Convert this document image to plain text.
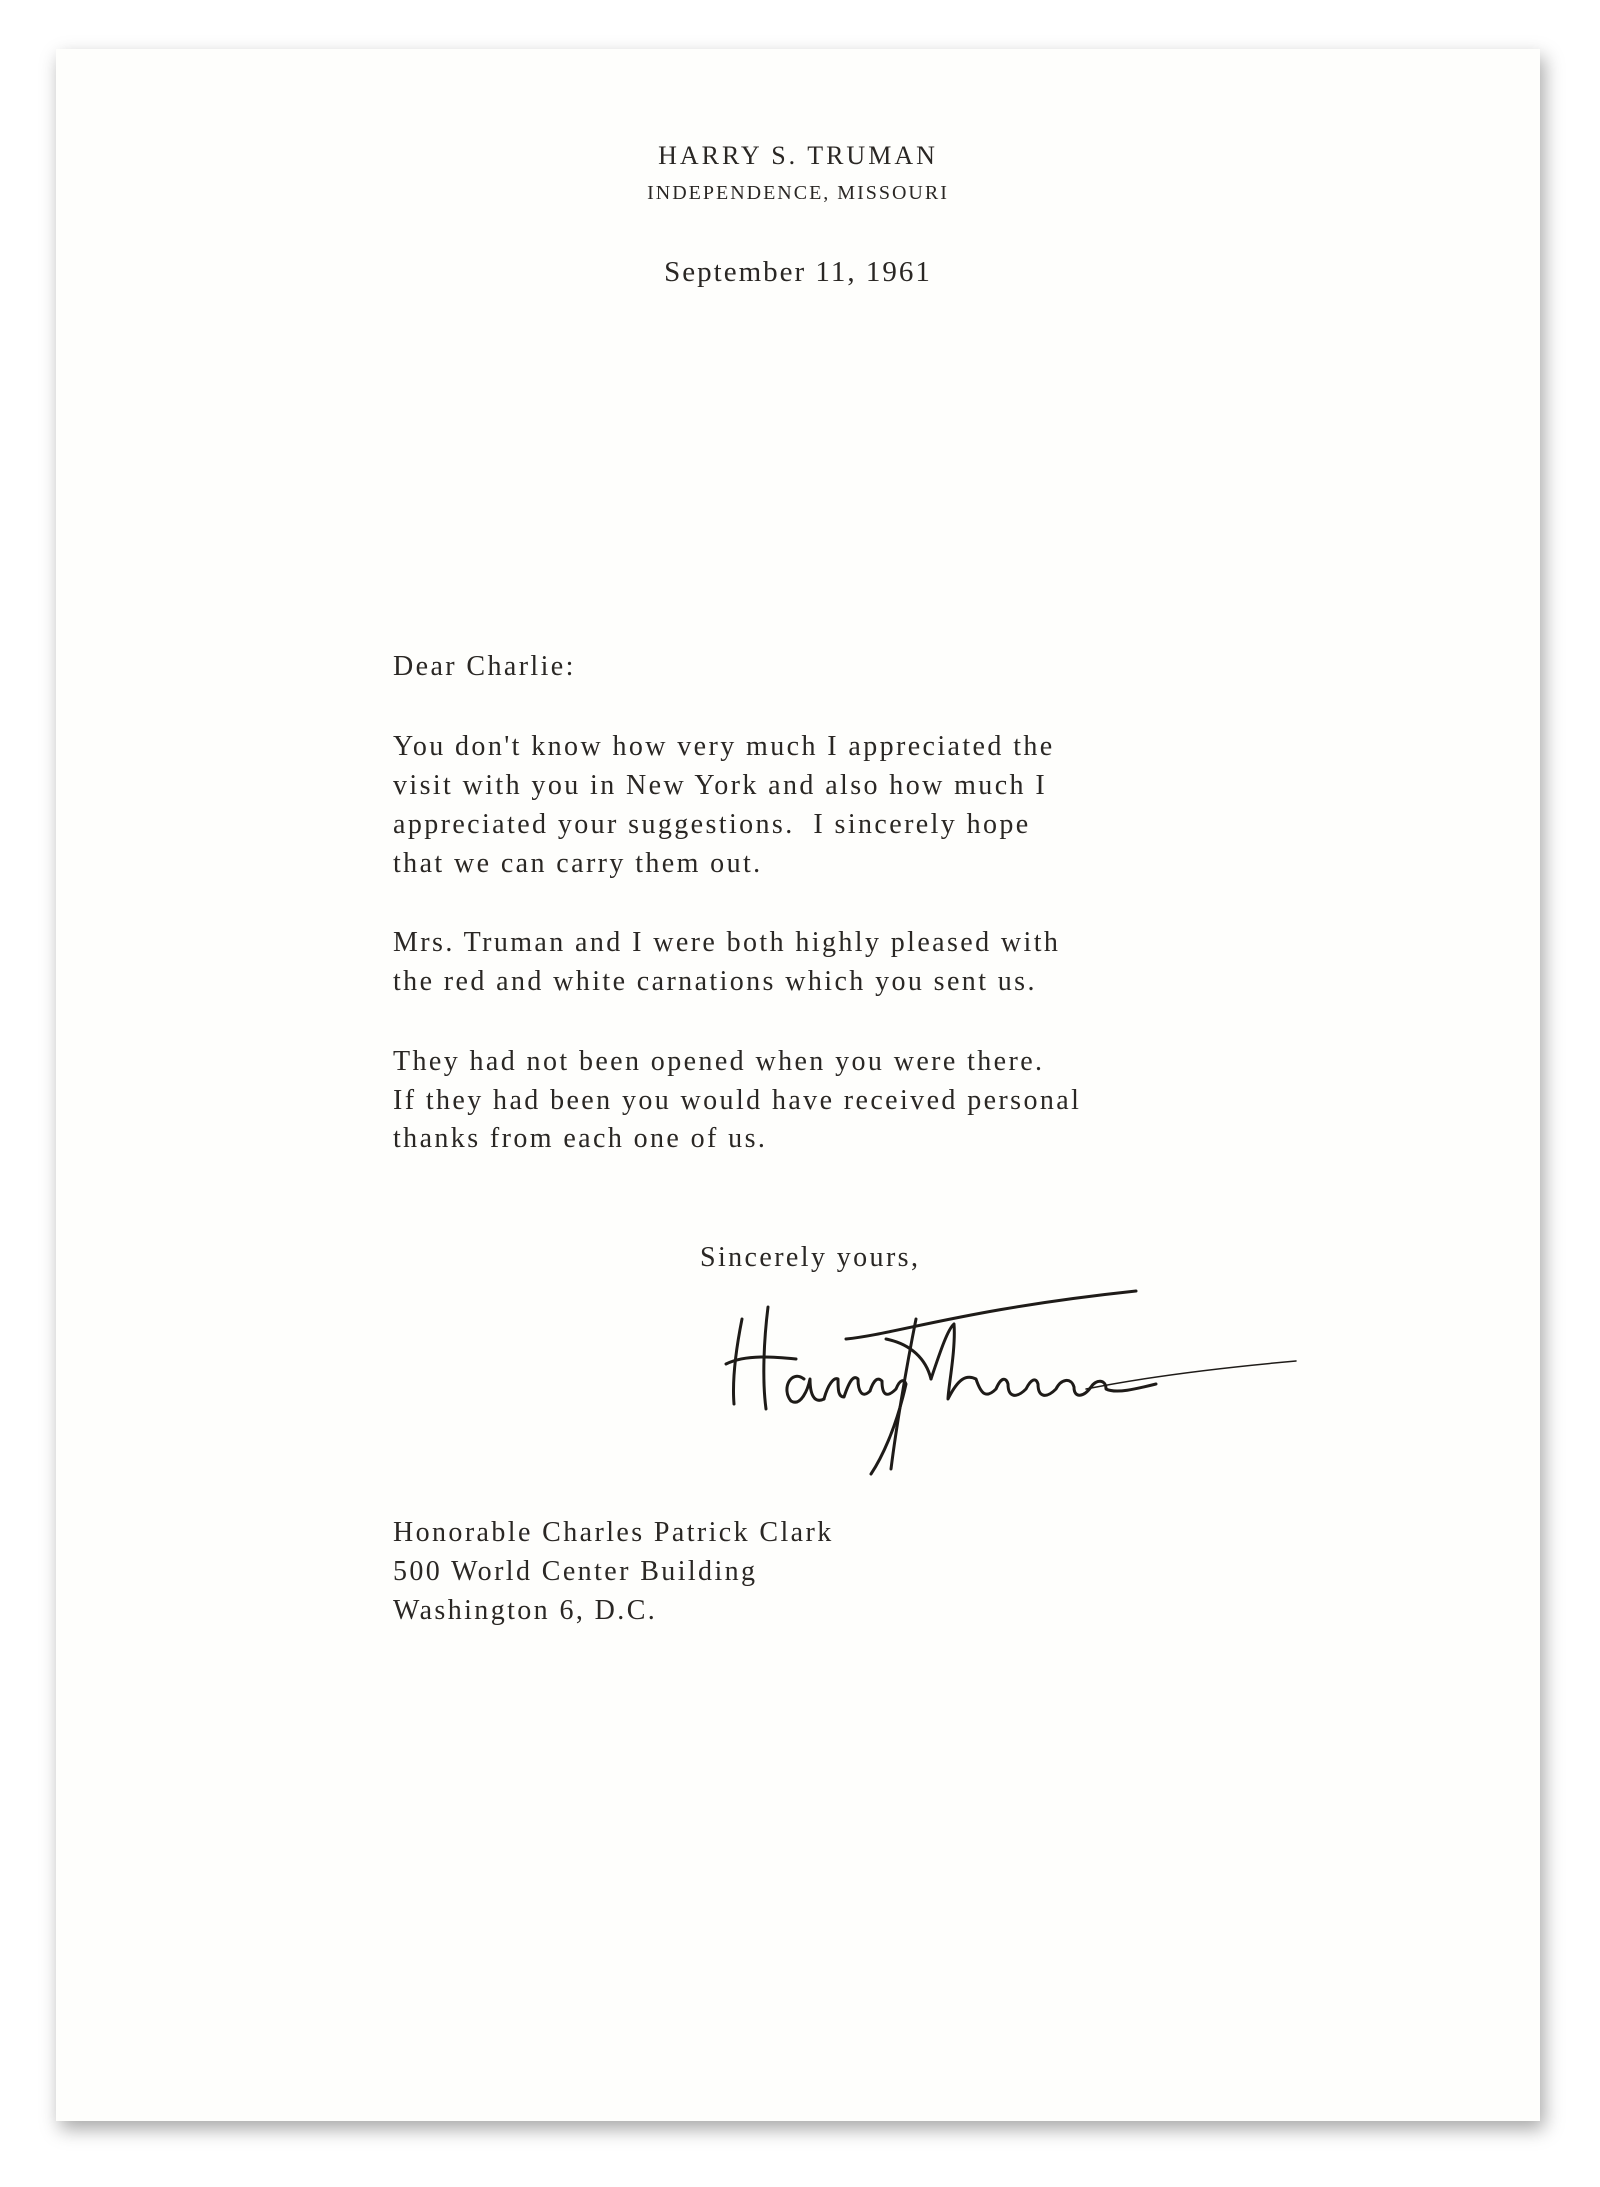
HARRY S. TRUMAN
INDEPENDENCE, MISSOURI
September 11, 1961
Dear Charlie:
You don't know how very much I appreciated the
visit with you in New York and also how much I
appreciated your suggestions.  I sincerely hope
that we can carry them out.
Mrs. Truman and I were both highly pleased with
the red and white carnations which you sent us.
They had not been opened when you were there.
If they had been you would have received personal
thanks from each one of us.
Sincerely yours,
Honorable Charles Patrick Clark
500 World Center Building
Washington 6, D.C.
